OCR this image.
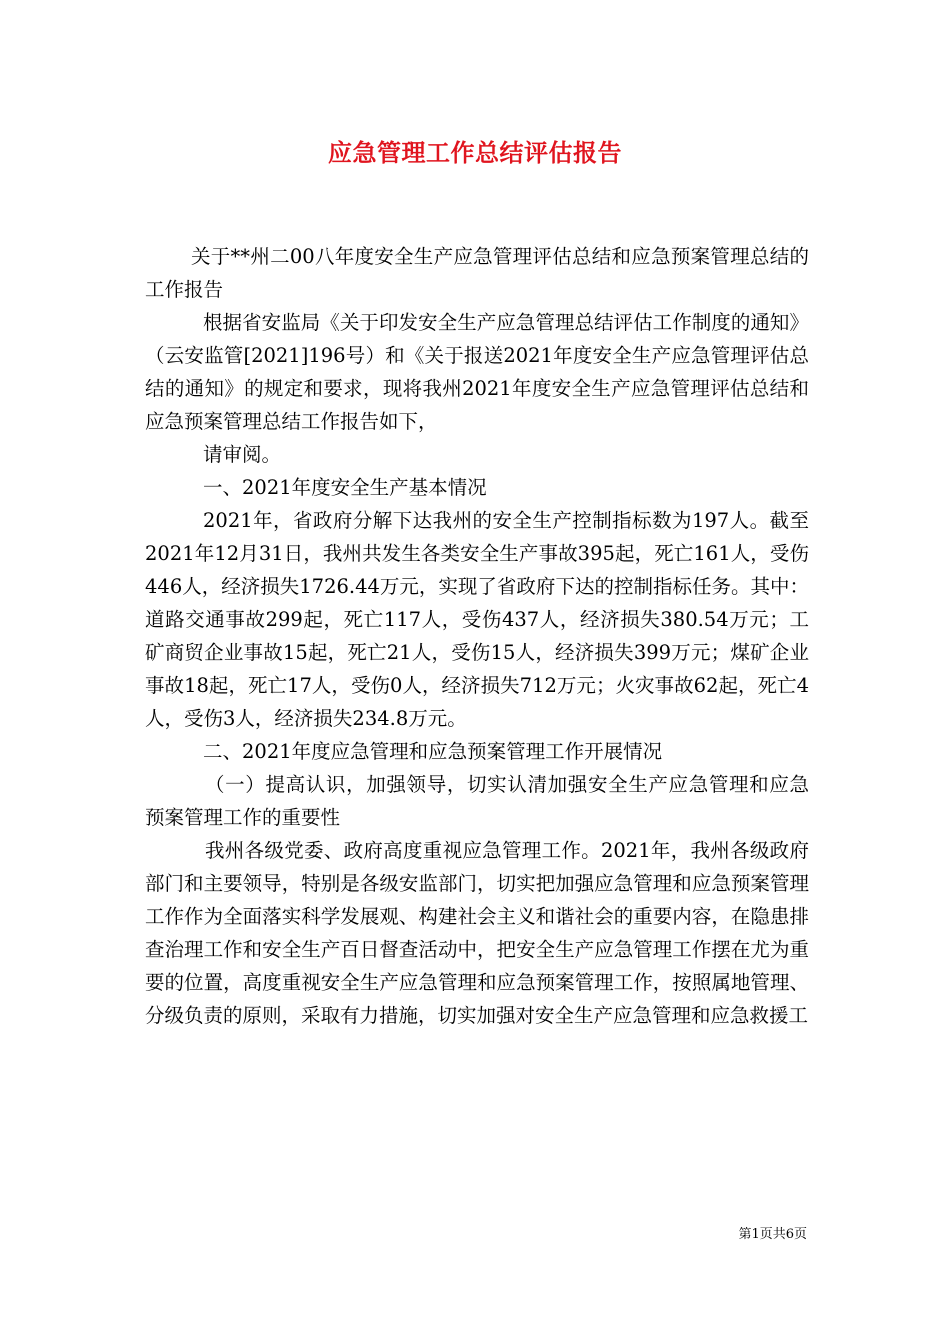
应急管理工作总结评估报告

关于**州二00八年度安全生产应急管理评估总结和应急预案管理总结的工作报告

根据省安监局《关于印发安全生产应急管理总结评估工作制度的通知》（云安监管[2021]196号）和《关于报送2021年度安全生产应急管理评估总结的通知》的规定和要求，现将我州2021年度安全生产应急管理评估总结和应急预案管理总结工作报告如下，

请审阅。

一、2021年度安全生产基本情况

2021年，省政府分解下达我州的安全生产控制指标数为197人。截至2021年12月31日，我州共发生各类安全生产事故395起，死亡161人，受伤446人，经济损失1726.44万元，实现了省政府下达的控制指标任务。其中：道路交通事故299起，死亡117人，受伤437人，经济损失380.54万元；工矿商贸企业事故15起，死亡21人，受伤15人，经济损失399万元；煤矿企业事故18起，死亡17人，受伤0人，经济损失712万元；火灾事故62起，死亡4人，受伤3人，经济损失234.8万元。

二、2021年度应急管理和应急预案管理工作开展情况

（一）提高认识，加强领导，切实认清加强安全生产应急管理和应急预案管理工作的重要性

我州各级党委、政府高度重视应急管理工作。2021年，我州各级政府部门和主要领导，特别是各级安监部门，切实把加强应急管理和应急预案管理工作作为全面落实科学发展观、构建社会主义和谐社会的重要内容，在隐患排查治理工作和安全生产百日督查活动中，把安全生产应急管理工作摆在尤为重要的位置，高度重视安全生产应急管理和应急预案管理工作，按照属地管理、分级负责的原则，采取有力措施，切实加强对安全生产应急管理和应急救援工

第1页共6页
